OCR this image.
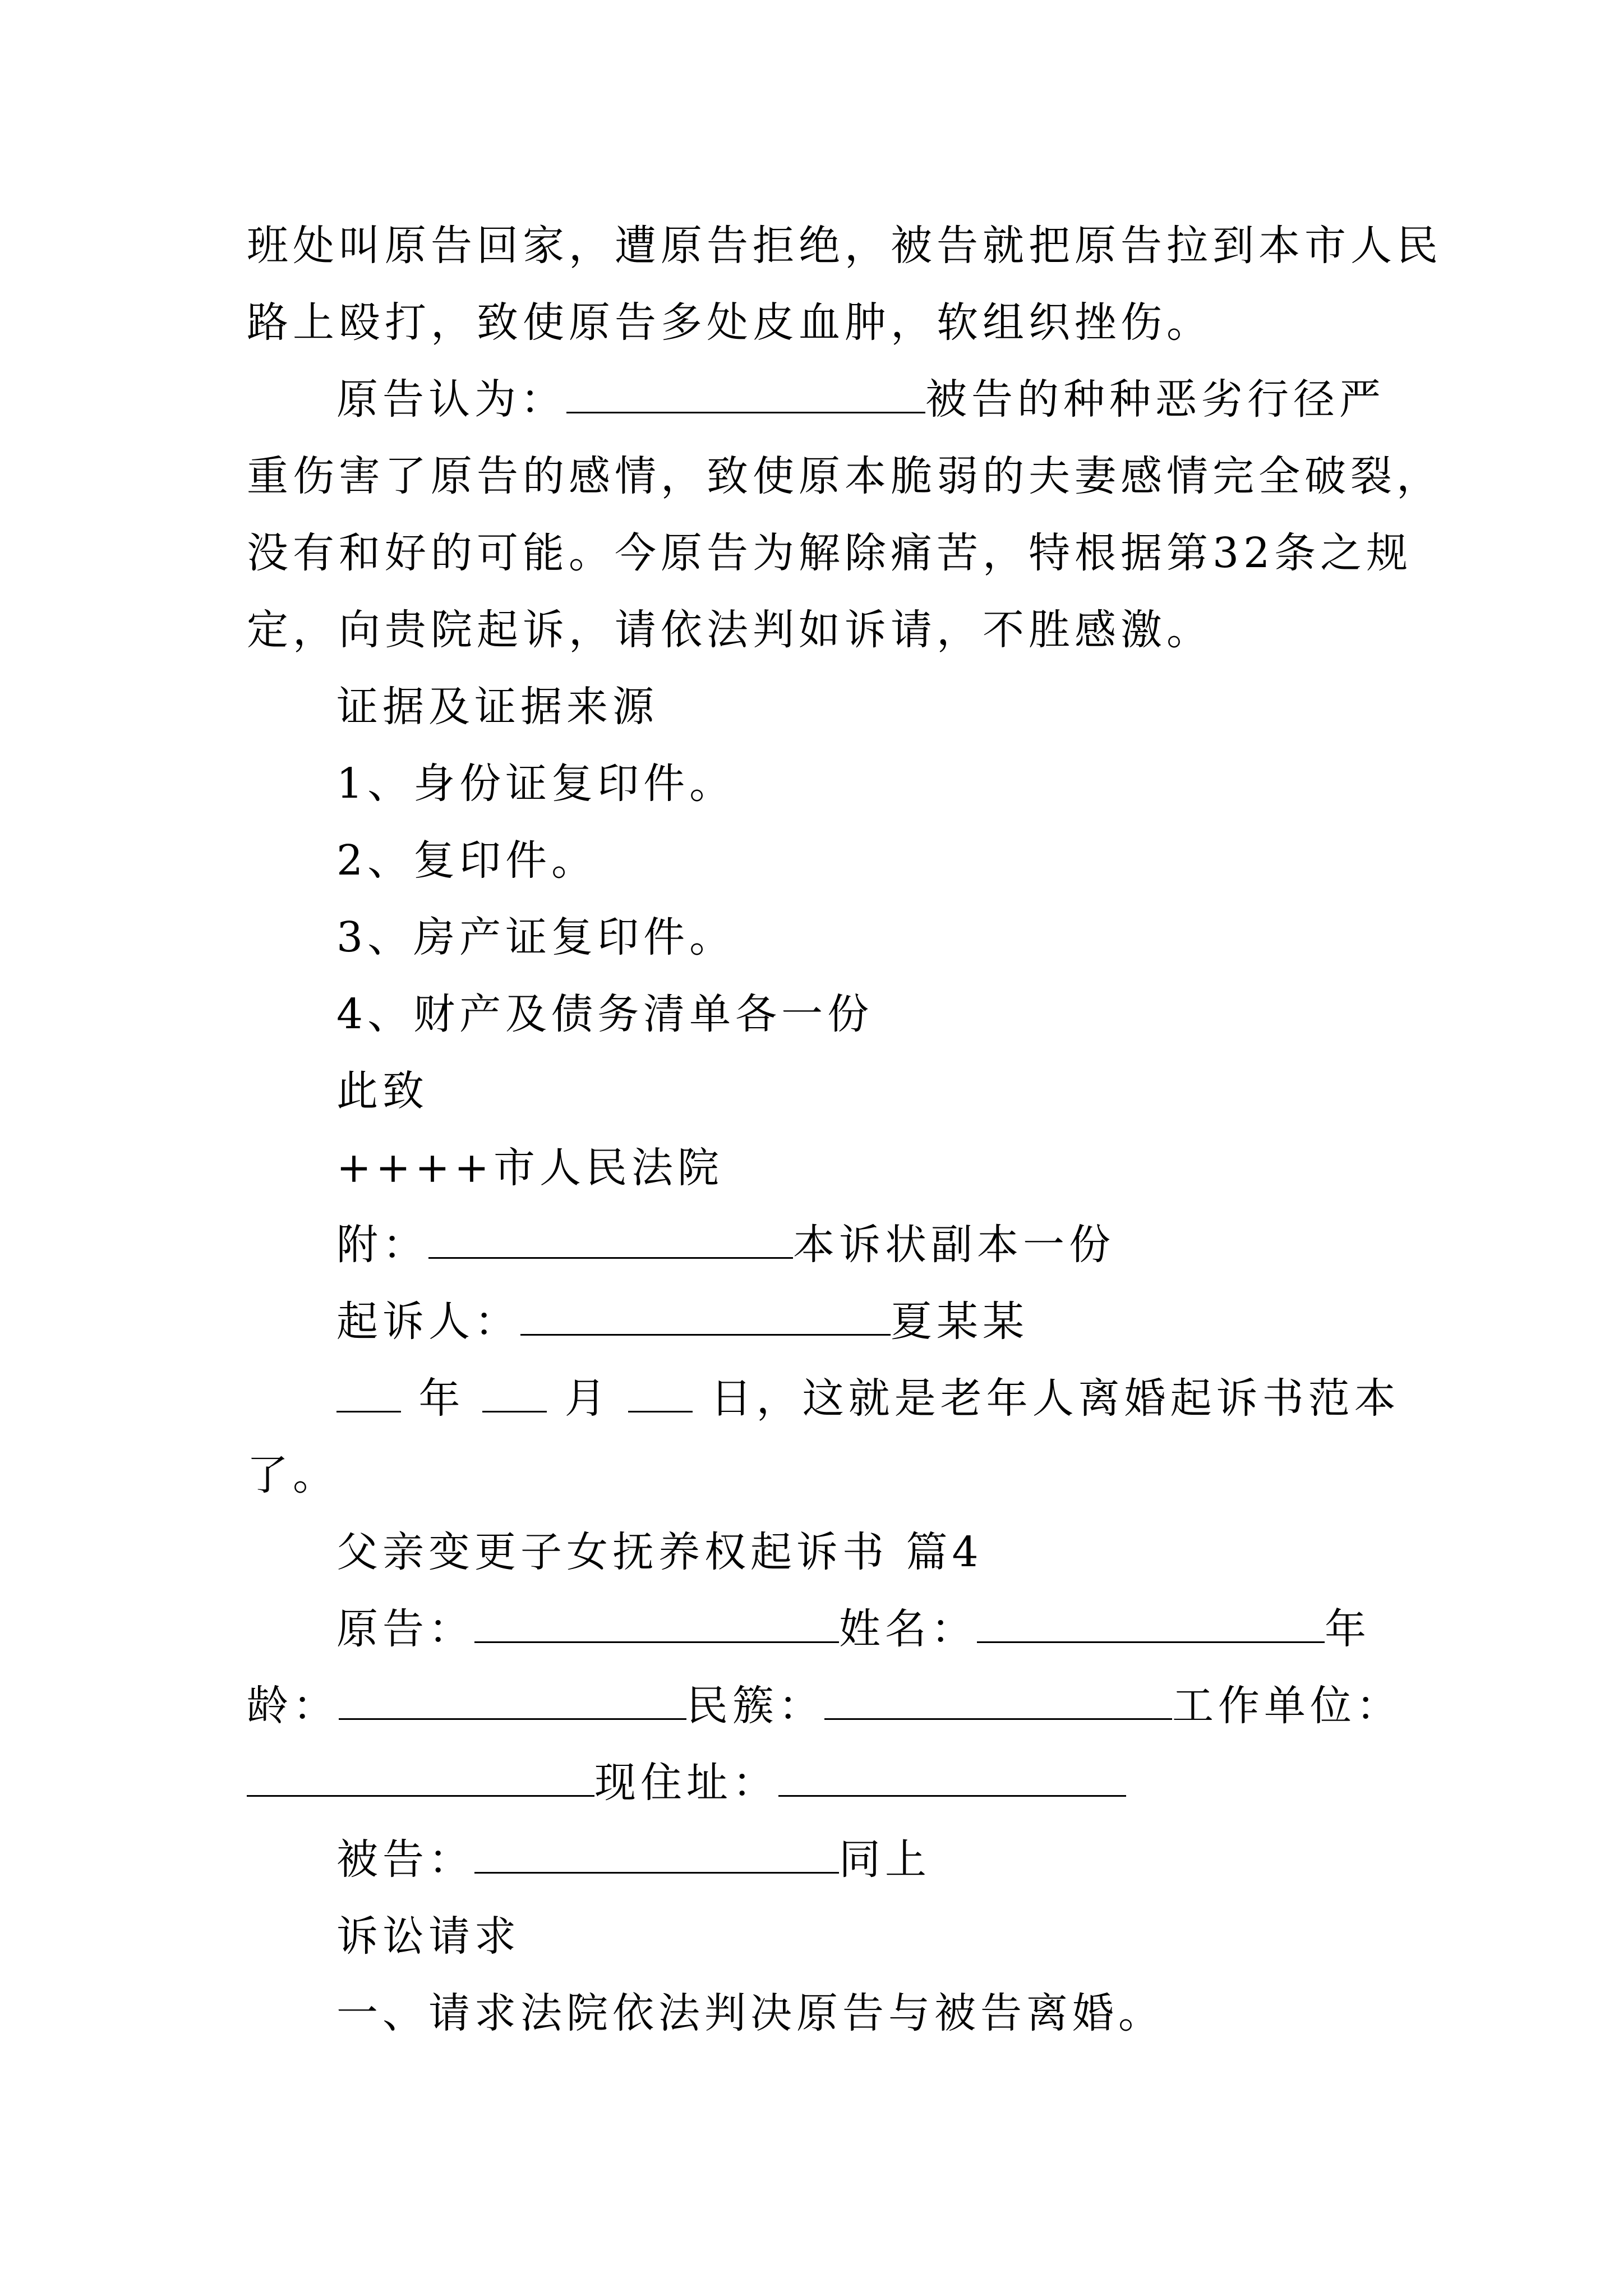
班处叫原告回家，遭原告拒绝，被告就把原告拉到本市人民
路上殴打，致使原告多处皮血肿，软组织挫伤。
原告认为：	被告的种种恶劣行径严
重伤害了原告的感情，致使原本脆弱的夫妻感情完全破裂，
没有和好的可能。今原告为解除痛苦，特根据第32条之规
定，向贵院起诉，请依法判如诉请，不胜感激。
证据及证据来源
1、身份证复印件。
2、复印件。
3、房产证复印件。
4、财产及债务清单各一份
此致
++++市人民法院
附：	本诉状副本一份
起诉人：	夏某某
年 月 日，这就是老年人离婚起诉书范本
了。
父亲变更子女抚养权起诉书 篇4
原告：	姓名：	年
龄：	民簇：	工作单位：
现住址：
被告：	同上
诉讼请求
一、请求法院依法判决原告与被告离婚。
